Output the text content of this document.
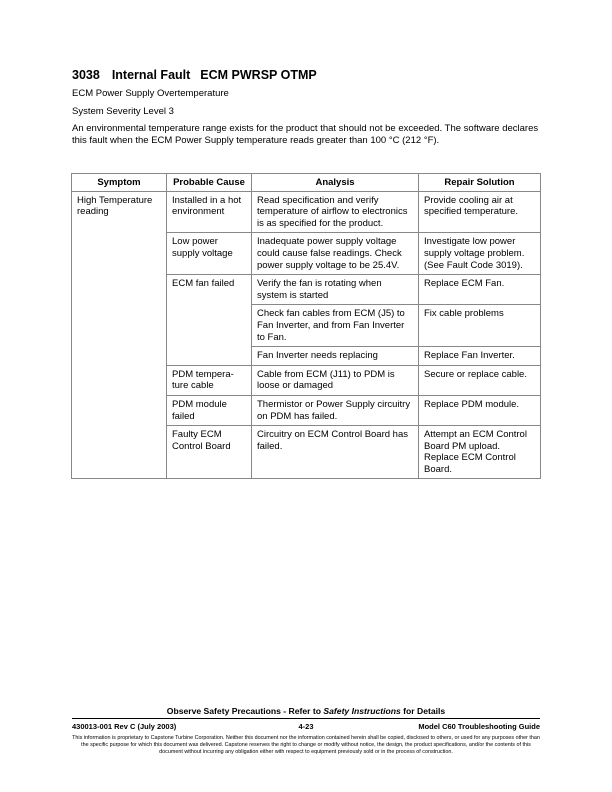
3038 Internal Fault ECM PWRSP OTMP
ECM Power Supply Overtemperature
System Severity Level 3
An environmental temperature range exists for the product that should not be exceeded. The software declares this fault when the ECM Power Supply temperature reads greater than 100 °C (212 °F).
Symptom	Probable Cause	Analysis	Repair Solution
High Temperature reading	Installed in a hot environment	Read specification and verify temperature of airflow to electronics is as specified for the product.	Provide cooling air at specified temperature.
	Low power supply voltage	Inadequate power supply voltage could cause false readings. Check power supply voltage to be 25.4V.	Investigate low power supply voltage problem. (See Fault Code 3019).
	ECM fan failed	Verify the fan is rotating when system is started	Replace ECM Fan.
		Check fan cables from ECM (J5) to Fan Inverter, and from Fan Inverter to Fan.	Fix cable problems
		Fan Inverter needs replacing	Replace Fan Inverter.
	PDM tempera-ture cable	Cable from ECM (J11) to PDM is loose or damaged	Secure or replace cable.
	PDM module failed	Thermistor or Power Supply circuitry on PDM has failed.	Replace PDM module.
	Faulty ECM Control Board	Circuitry on ECM Control Board has failed.	Attempt an ECM Control Board PM upload. Replace ECM Control Board.
Observe Safety Precautions - Refer to Safety Instructions for Details
430013-001 Rev C (July 2003)	4-23	Model C60 Troubleshooting Guide
This information is proprietary to Capstone Turbine Corporation. Neither this document nor the information contained herein shall be copied, disclosed to others, or used for any purposes other than the specific purpose for which this document was delivered. Capstone reserves the right to change or modify without notice, the design, the product specifications, and/or the contents of this document without incurring any obligation either with respect to equipment previously sold or in the process of construction.
